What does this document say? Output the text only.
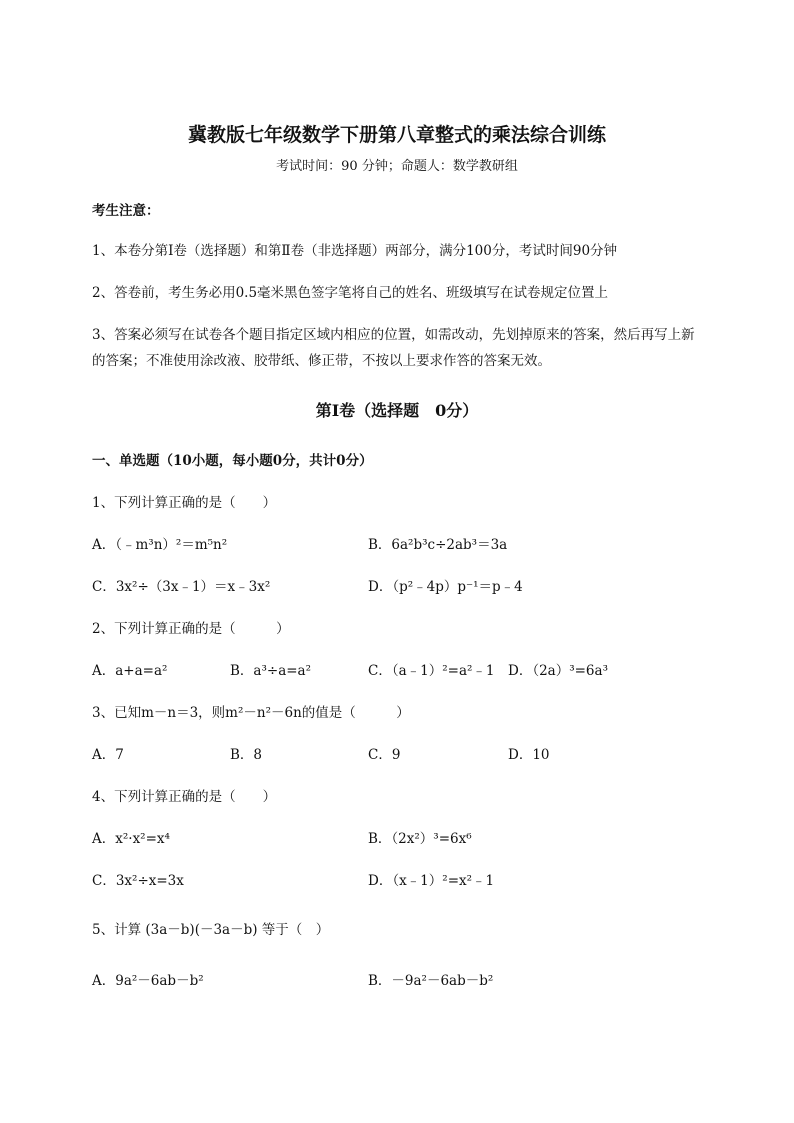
冀教版七年级数学下册第八章整式的乘法综合训练
考试时间：90 分钟；命题人：数学教研组
考生注意：
1、本卷分第Ⅰ卷（选择题）和第Ⅱ卷（非选择题）两部分，满分100分，考试时间90分钟
2、答卷前，考生务必用0.5毫米黑色签字笔将自己的姓名、班级填写在试卷规定位置上
3、答案必须写在试卷各个题目指定区域内相应的位置，如需改动，先划掉原来的答案，然后再写上新
的答案；不准使用涂改液、胶带纸、修正带，不按以上要求作答的答案无效。
第Ⅰ卷（选择题　0分）
一、单选题（10小题，每小题0分，共计0分）
1、下列计算正确的是（　　）
A．（﹣m³n）²＝m⁵n²	B．6a²b³c÷2ab³＝3a
C．3x²÷（3x﹣1）＝x﹣3x²	D．（p²﹣4p）p⁻¹＝p﹣4
2、下列计算正确的是（　　　）
A．a+a=a²	B．a³÷a=a²	C．（a﹣1）²=a²﹣1 D．（2a）³=6a³
3、已知m－n＝3，则m²－n²－6n的值是（　　　）
A．7	B．8	C．9	D．10
4、下列计算正确的是（　　）
A．x²·x²=x⁴	B．（2x²）³=6x⁶
C．3x²÷x=3x	D．（x﹣1）²=x²﹣1
5、计算 (3a－b)(－3a－b) 等于（　）
A．9a²－6ab－b²	B．－9a²－6ab－b²
